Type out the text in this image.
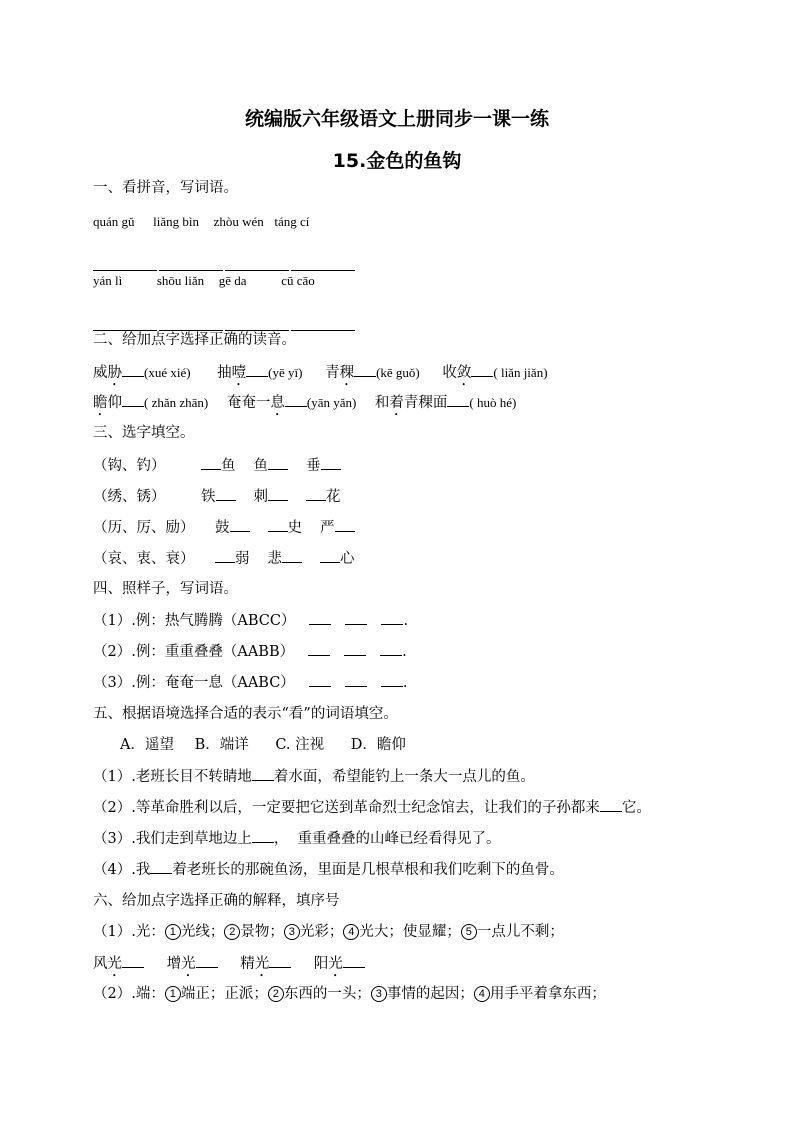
统编版六年级语文上册同步一课一练
15.金色的鱼钩
一、看拼音，写词语。
quán gǔ liǎng bìn zhòu wén táng cí
yán lì	shōu liǎn gē da	cū cāo
二、给加点字选择正确的读音。
威胁 (xué xié) 抽噎 (yē yī) 青稞 (kē guǒ) 收敛 ( liǎn jiǎn)
瞻仰 ( zhǎn zhān) 奄奄一息 (yān yǎn) 和着青稞面 ( huò hé)
三、选字填空。
（钩、钓）	鱼 鱼	垂
（绣、锈） 铁	刺	花
（历、厉、励） 鼓	史 严
（哀、衷、衰）	弱 悲	心
四、照样子，写词语。
（1）.例：热气腾腾（ABCC）	.
（2）.例：重重叠叠（AABB）	.
（3）.例：奄奄一息（AABC）	.
五、根据语境选择合适的表示“看”的词语填空。
A．遥望 B．端详 C. 注视 D．瞻仰
（1）.老班长目不转睛地 着水面，希望能钓上一条大一点儿的鱼。
（2）.等革命胜利以后，一定要把它送到革命烈士纪念馆去，让我们的子孙都来 它。
（3）.我们走到草地边上 ，  重重叠叠的山峰已经看得见了。
（4）.我 着老班长的那碗鱼汤，里面是几根草根和我们吃剩下的鱼骨。
六、给加点字选择正确的解释，填序号
（1）.光： 1 光线； 2 景物； 3 光彩； 4 光大；使显耀； 5 一点儿不剩；
风光	增光	精光	阳光
（2）.端： 1 端正；正派； 2 东西的一头； 3 事情的起因； 4 用手平着拿东西；
